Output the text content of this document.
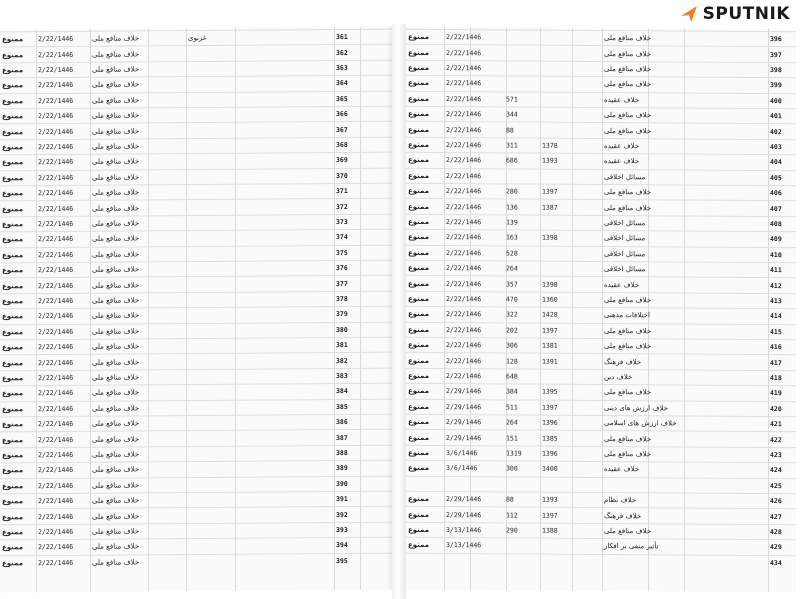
SPUTNIK
ممنوع	2/22/1446	خلاف منافع ملی	غزنوی	361
ممنوع	2/22/1446	خلاف منافع ملی	362
ممنوع	2/22/1446	خلاف منافع ملی	363
ممنوع	2/22/1446	خلاف منافع ملی	364
ممنوع	2/22/1446	خلاف منافع ملی	365
ممنوع	2/22/1446	خلاف منافع ملی	366
ممنوع	2/22/1446	خلاف منافع ملی	367
ممنوع	2/22/1446	خلاف منافع ملی	368
ممنوع	2/22/1446	خلاف منافع ملی	369
ممنوع	2/22/1446	خلاف منافع ملی	370
ممنوع	2/22/1446	خلاف منافع ملی	371
ممنوع	2/22/1446	خلاف منافع ملی	372
ممنوع	2/22/1446	خلاف منافع ملی	373
ممنوع	2/22/1446	خلاف منافع ملی	374
ممنوع	2/22/1446	خلاف منافع ملی	375
ممنوع	2/22/1446	خلاف منافع ملی	376
ممنوع	2/22/1446	خلاف منافع ملی	377
ممنوع	2/22/1446	خلاف منافع ملی	378
ممنوع	2/22/1446	خلاف منافع ملی	379
ممنوع	2/22/1446	خلاف منافع ملی	380
ممنوع	2/22/1446	خلاف منافع ملی	381
ممنوع	2/22/1446	خلاف منافع ملی	382
ممنوع	2/22/1446	خلاف منافع ملی	383
ممنوع	2/22/1446	خلاف منافع ملی	384
ممنوع	2/22/1446	خلاف منافع ملی	385
ممنوع	2/22/1446	خلاف منافع ملی	386
ممنوع	2/22/1446	خلاف منافع ملی	387
ممنوع	2/22/1446	خلاف منافع ملی	388
ممنوع	2/22/1446	خلاف منافع ملی	389
ممنوع	2/22/1446	خلاف منافع ملی	390
ممنوع	2/22/1446	خلاف منافع ملی	391
ممنوع	2/22/1446	خلاف منافع ملی	392
ممنوع	2/22/1446	خلاف منافع ملی	393
ممنوع	2/22/1446	خلاف منافع ملی	394
ممنوع	2/22/1446	خلاف منافع ملی	395
ممنوع	2/22/1446	خلاف منافع ملی	396
ممنوع	2/22/1446	خلاف منافع ملی	397
ممنوع	2/22/1446	خلاف منافع ملی	398
ممنوع	2/22/1446	خلاف منافع ملی	399
ممنوع	2/22/1446	571	خلاف عقیده	400
ممنوع	2/22/1446	344	خلاف منافع ملی	401
ممنوع	2/22/1446	88	خلاف منافع ملی	402
ممنوع	2/22/1446	311	1378	خلاف عقیده	403
ممنوع	2/22/1446	686	1393	خلاف عقیده	404
ممنوع	2/22/1446	مسائل اخلاقی	405
ممنوع	2/22/1446	280	1397	خلاف منافع ملی	406
ممنوع	2/22/1446	136	1387	خلاف منافع ملی	407
ممنوع	2/22/1446	139	مسائل اخلاقی	408
ممنوع	2/22/1446	163	1398	مسائل اخلاقی	409
ممنوع	2/22/1446	528	مسائل اخلاقی	410
ممنوع	2/22/1446	264	مسائل اخلاقی	411
ممنوع	2/22/1446	357	1398	خلاف عقیده	412
ممنوع	2/22/1446	470	1360	خلاف منافع ملی	413
ممنوع	2/22/1446	322	1428	اختلافات مذهبی	414
ممنوع	2/22/1446	202	1397	خلاف منافع ملی	415
ممنوع	2/22/1446	306	1381	خلاف منافع ملی	416
ممنوع	2/22/1446	128	1391	خلاف فرهنگ	417
ممنوع	2/22/1446	648	خلاف دین	418
ممنوع	2/29/1446	384	1395	خلاف منافع ملی	419
ممنوع	2/29/1446	511	1397	خلاف ارزش های دینی	420
ممنوع	2/29/1446	264	1396	خلاف ارزش های اسلامی	421
ممنوع	2/29/1446	151	1385	خلاف منافع ملی	422
ممنوع	3/6/1446	1319	1396	خلاف منافع ملی	423
ممنوع	3/6/1446	300	1400	خلاف عقیده	424
425
ممنوع	2/29/1446	88	1393	خلاف نظام	426
ممنوع	2/29/1446	112	1397	خلاف فرهنگ	427
ممنوع	3/13/1446	290	1388	خلاف منافع ملی	428
ممنوع	3/13/1446	تأثیر منفی بر افکار	429
434
